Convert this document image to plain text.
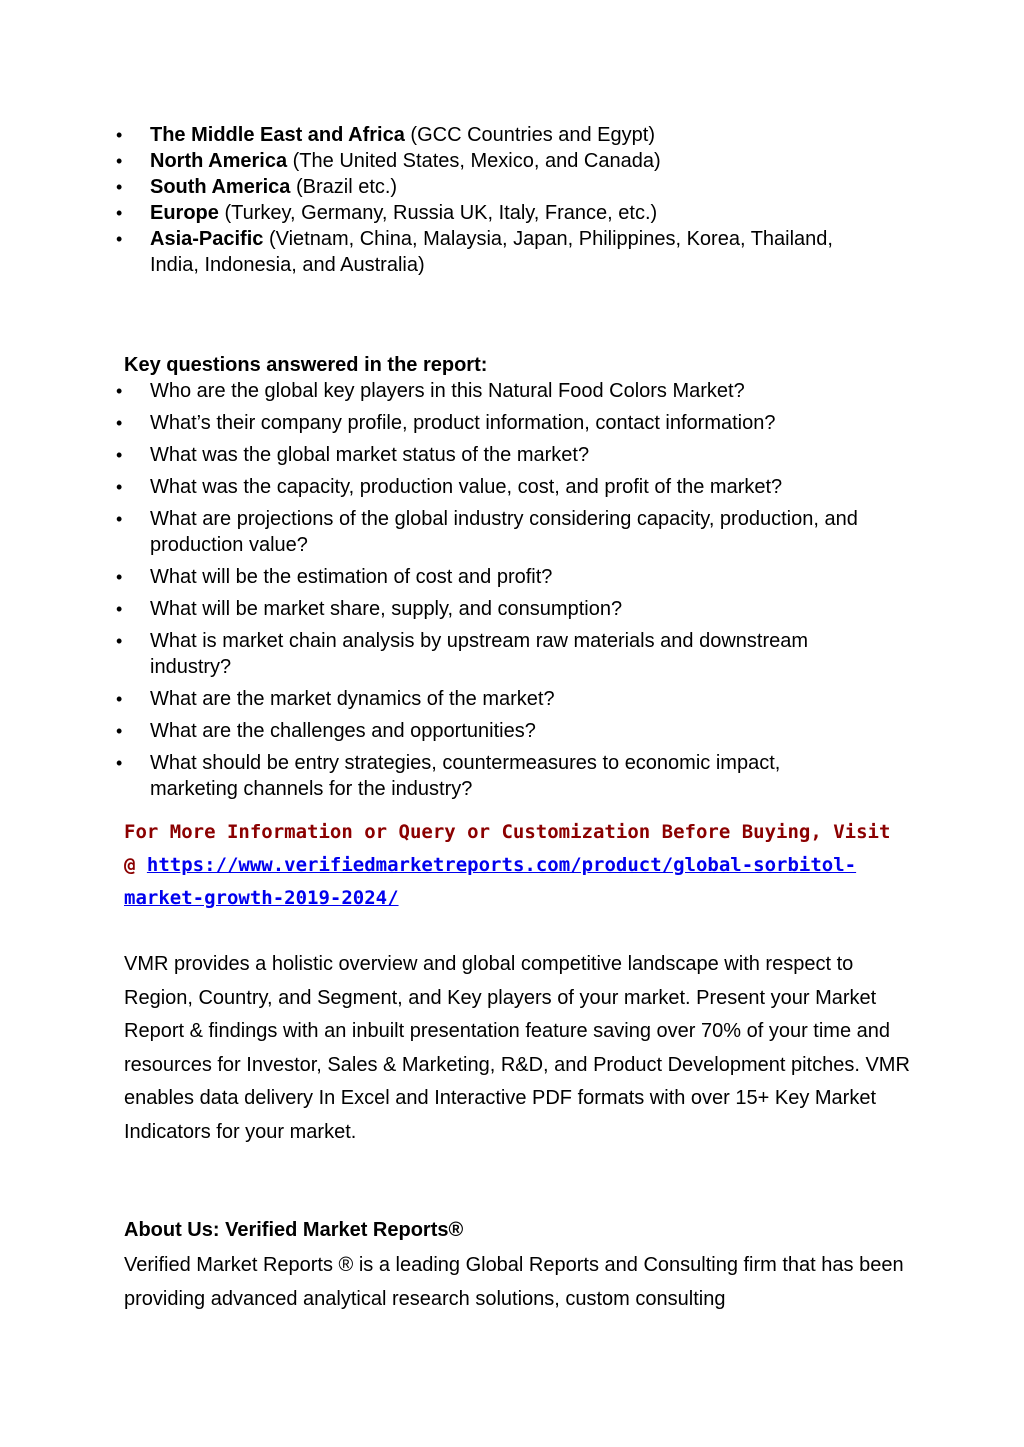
• The Middle East and Africa (GCC Countries and Egypt)
• North America (The United States, Mexico, and Canada)
• South America (Brazil etc.)
• Europe (Turkey, Germany, Russia UK, Italy, France, etc.)
• Asia-Pacific (Vietnam, China, Malaysia, Japan, Philippines, Korea, Thailand, India, Indonesia, and Australia)
Key questions answered in the report:
• Who are the global key players in this Natural Food Colors Market?
• What’s their company profile, product information, contact information?
• What was the global market status of the market?
• What was the capacity, production value, cost, and profit of the market?
• What are projections of the global industry considering capacity, production, and production value?
• What will be the estimation of cost and profit?
• What will be market share, supply, and consumption?
• What is market chain analysis by upstream raw materials and downstream industry?
• What are the market dynamics of the market?
• What are the challenges and opportunities?
• What should be entry strategies, countermeasures to economic impact, marketing channels for the industry?
For More Information or Query or Customization Before Buying, Visit @ https://www.verifiedmarketreports.com/product/global-sorbitol-market-growth-2019-2024/

VMR provides a holistic overview and global competitive landscape with respect to Region, Country, and Segment, and Key players of your market. Present your Market Report & findings with an inbuilt presentation feature saving over 70% of your time and resources for Investor, Sales & Marketing, R&D, and Product Development pitches. VMR enables data delivery In Excel and Interactive PDF formats with over 15+ Key Market Indicators for your market.

About Us: Verified Market Reports®

Verified Market Reports ® is a leading Global Reports and Consulting firm that has been providing advanced analytical research solutions, custom consulting
